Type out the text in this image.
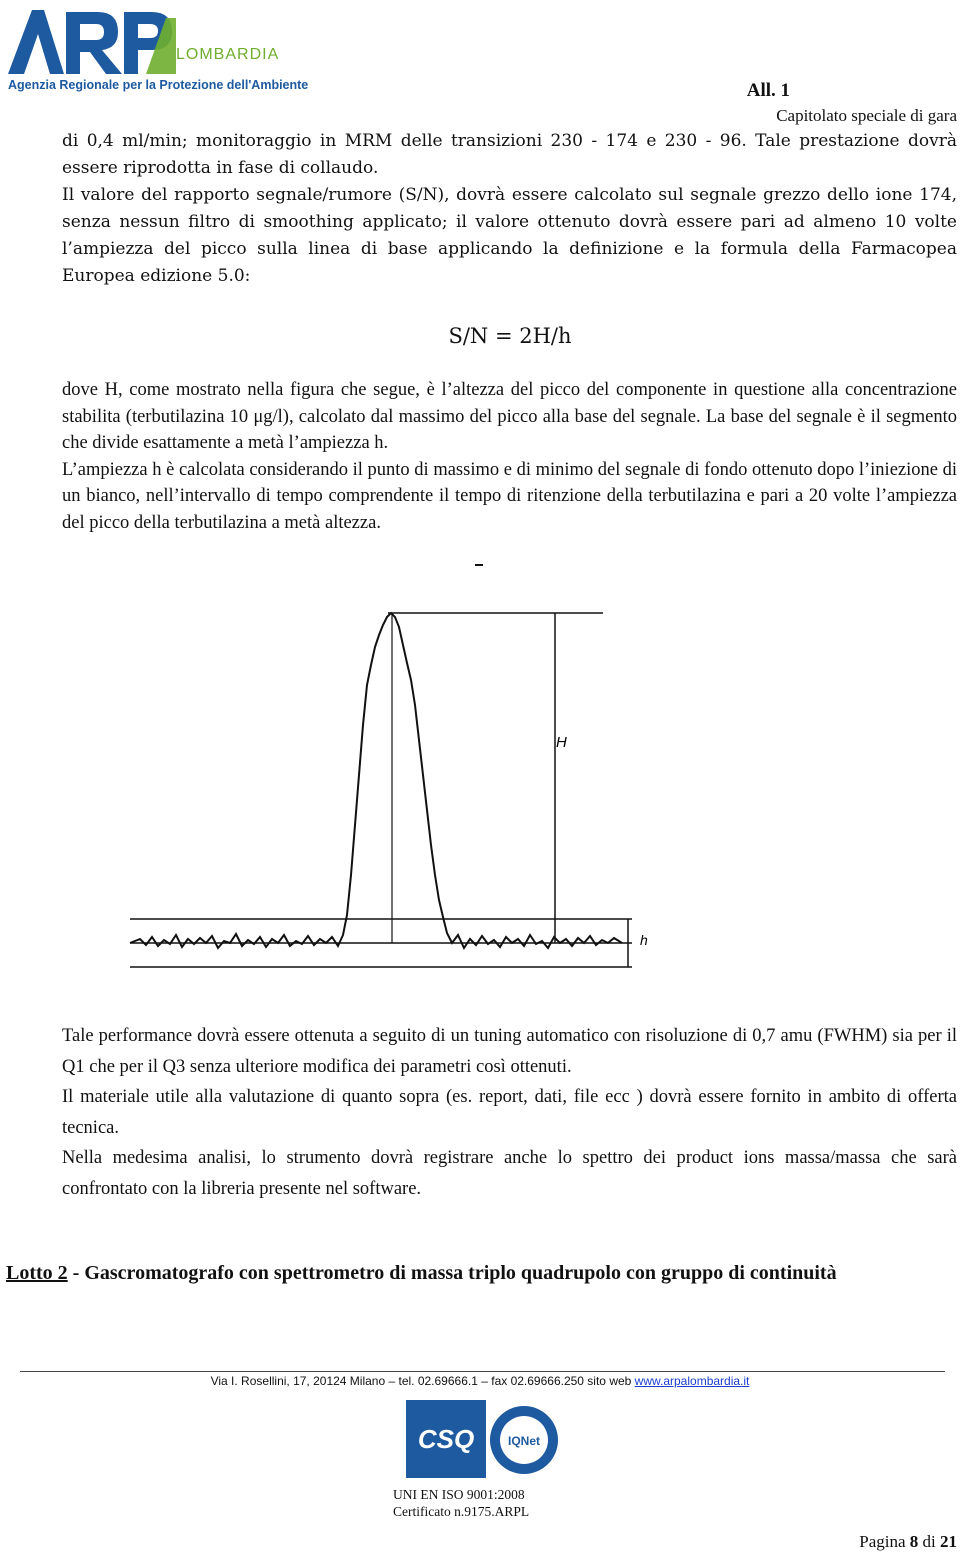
LOMBARDIA
Agenzia Regionale per la Protezione dell'Ambiente	All. 1
Capitolato speciale di gara
di 0,4 ml/min; monitoraggio in MRM delle transizioni 230 - 174 e 230 - 96. Tale prestazione dovrà essere riprodotta in fase di collaudo.
Il valore del rapporto segnale/rumore (S/N), dovrà essere calcolato sul segnale grezzo dello ione 174, senza nessun filtro di smoothing applicato; il valore ottenuto dovrà essere pari ad almeno 10 volte l’ampiezza del picco sulla linea di base applicando la definizione e la formula della Farmacopea Europea edizione 5.0:
S/N = 2H/h
dove H, come mostrato nella figura che segue, è l’altezza del picco del componente in questione alla concentrazione stabilita (terbutilazina 10 μg/l), calcolato dal massimo del picco alla base del segnale. La base del segnale è il segmento che divide esattamente a metà l’ampiezza h.
L’ampiezza h è calcolata considerando il punto di massimo e di minimo del segnale di fondo ottenuto dopo l’iniezione di un bianco, nell’intervallo di tempo comprendente il tempo di ritenzione della terbutilazina e pari a 20 volte l’ampiezza del picco della terbutilazina a metà altezza.
H
h
Tale performance dovrà essere ottenuta a seguito di un tuning automatico con risoluzione di 0,7 amu (FWHM) sia per il Q1 che per il Q3 senza ulteriore modifica dei parametri così ottenuti.
Il materiale utile alla valutazione di quanto sopra (es. report, dati, file ecc ) dovrà essere fornito in ambito di offerta tecnica.
Nella medesima analisi, lo strumento dovrà registrare anche lo spettro dei product ions massa/massa che sarà confrontato con la libreria presente nel software.
Lotto 2 - Gascromatografo con spettrometro di massa triplo quadrupolo con gruppo di continuità
Via I. Rosellini, 17, 20124 Milano – tel. 02.69666.1 – fax 02.69666.250 sito web www.arpalombardia.it
CSQ	IQNet
UNI EN ISO 9001:2008
Certificato n.9175.ARPL
Pagina 8 di 21
